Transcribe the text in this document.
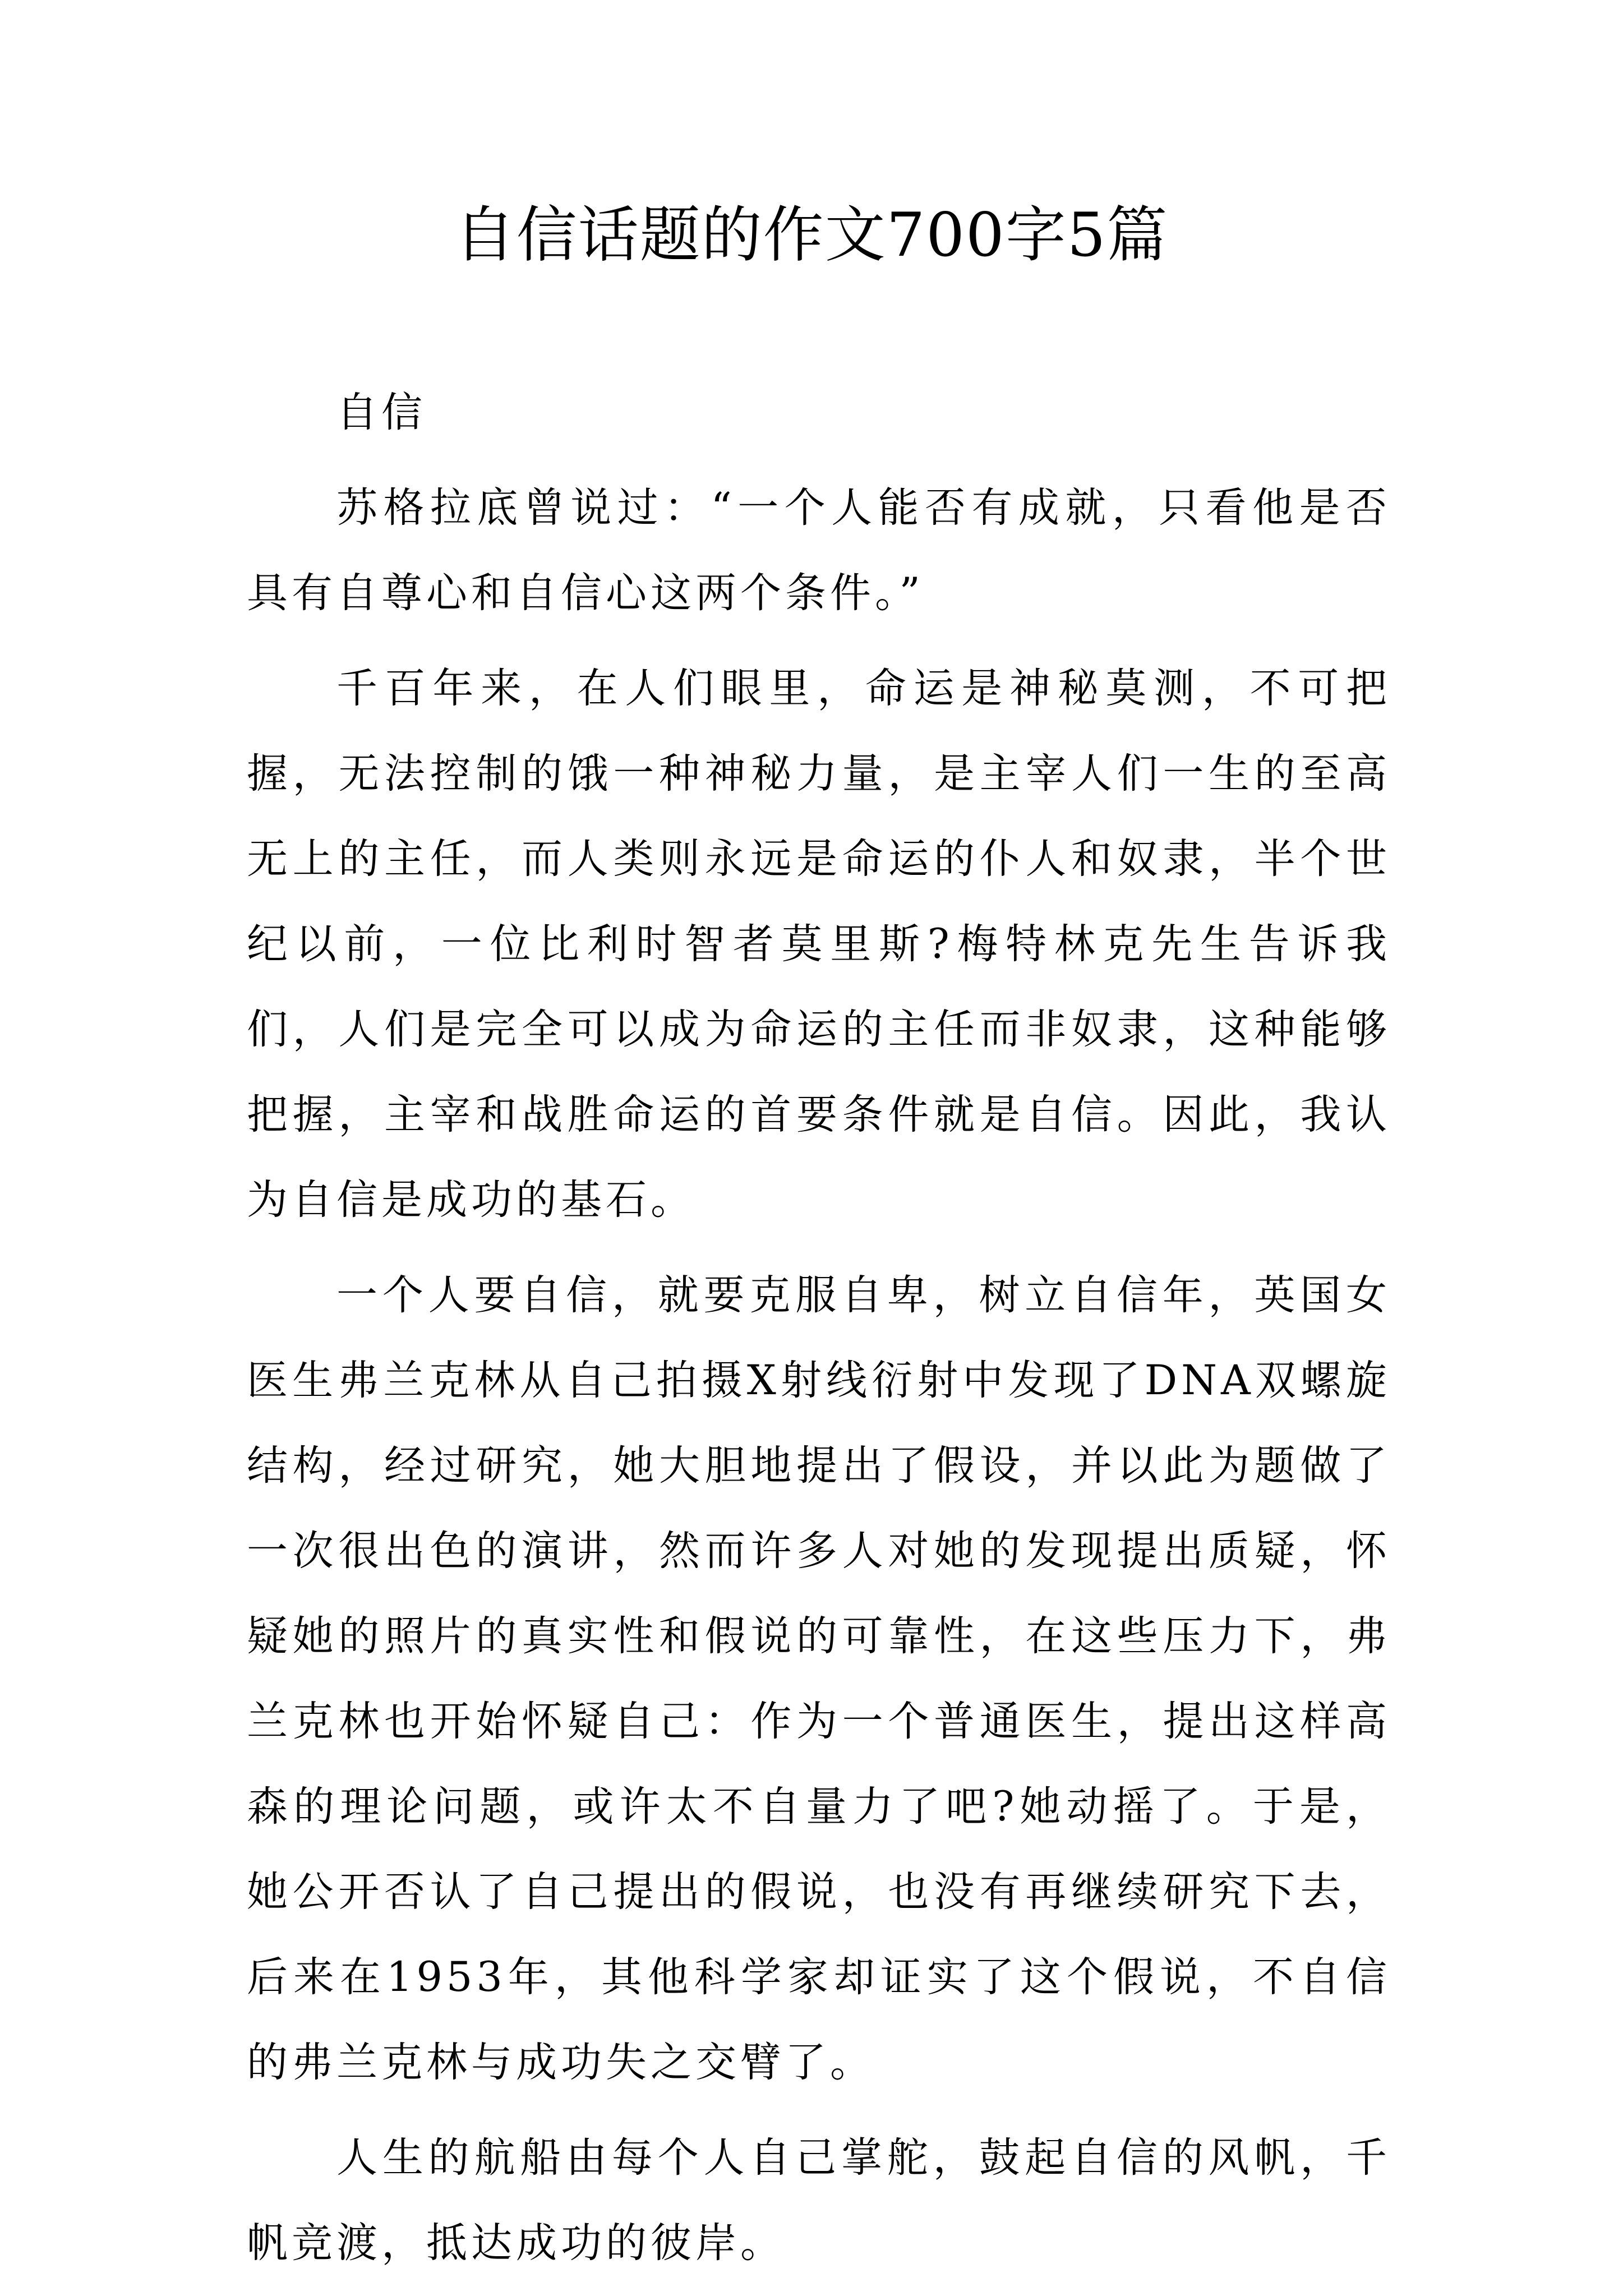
自信话题的作文700字5篇

自信

苏格拉底曾说过：“一个人能否有成就，只看他是否具有自尊心和自信心这两个条件。”

千百年来，在人们眼里，命运是神秘莫测，不可把握，无法控制的饿一种神秘力量，是主宰人们一生的至高无上的主任，而人类则永远是命运的仆人和奴隶，半个世纪以前，一位比利时智者莫里斯?梅特林克先生告诉我们，人们是完全可以成为命运的主任而非奴隶，这种能够把握，主宰和战胜命运的首要条件就是自信。因此，我认为自信是成功的基石。

一个人要自信，就要克服自卑，树立自信年，英国女医生弗兰克林从自己拍摄X射线衍射中发现了DNA双螺旋结构，经过研究，她大胆地提出了假设，并以此为题做了一次很出色的演讲，然而许多人对她的发现提出质疑，怀疑她的照片的真实性和假说的可靠性，在这些压力下，弗兰克林也开始怀疑自己：作为一个普通医生，提出这样高森的理论问题，或许太不自量力了吧?她动摇了。于是，她公开否认了自己提出的假说，也没有再继续研究下去，后来在1953年，其他科学家却证实了这个假说，不自信的弗兰克林与成功失之交臂了。

人生的航船由每个人自己掌舵，鼓起自信的风帆，千帆竞渡，抵达成功的彼岸。
